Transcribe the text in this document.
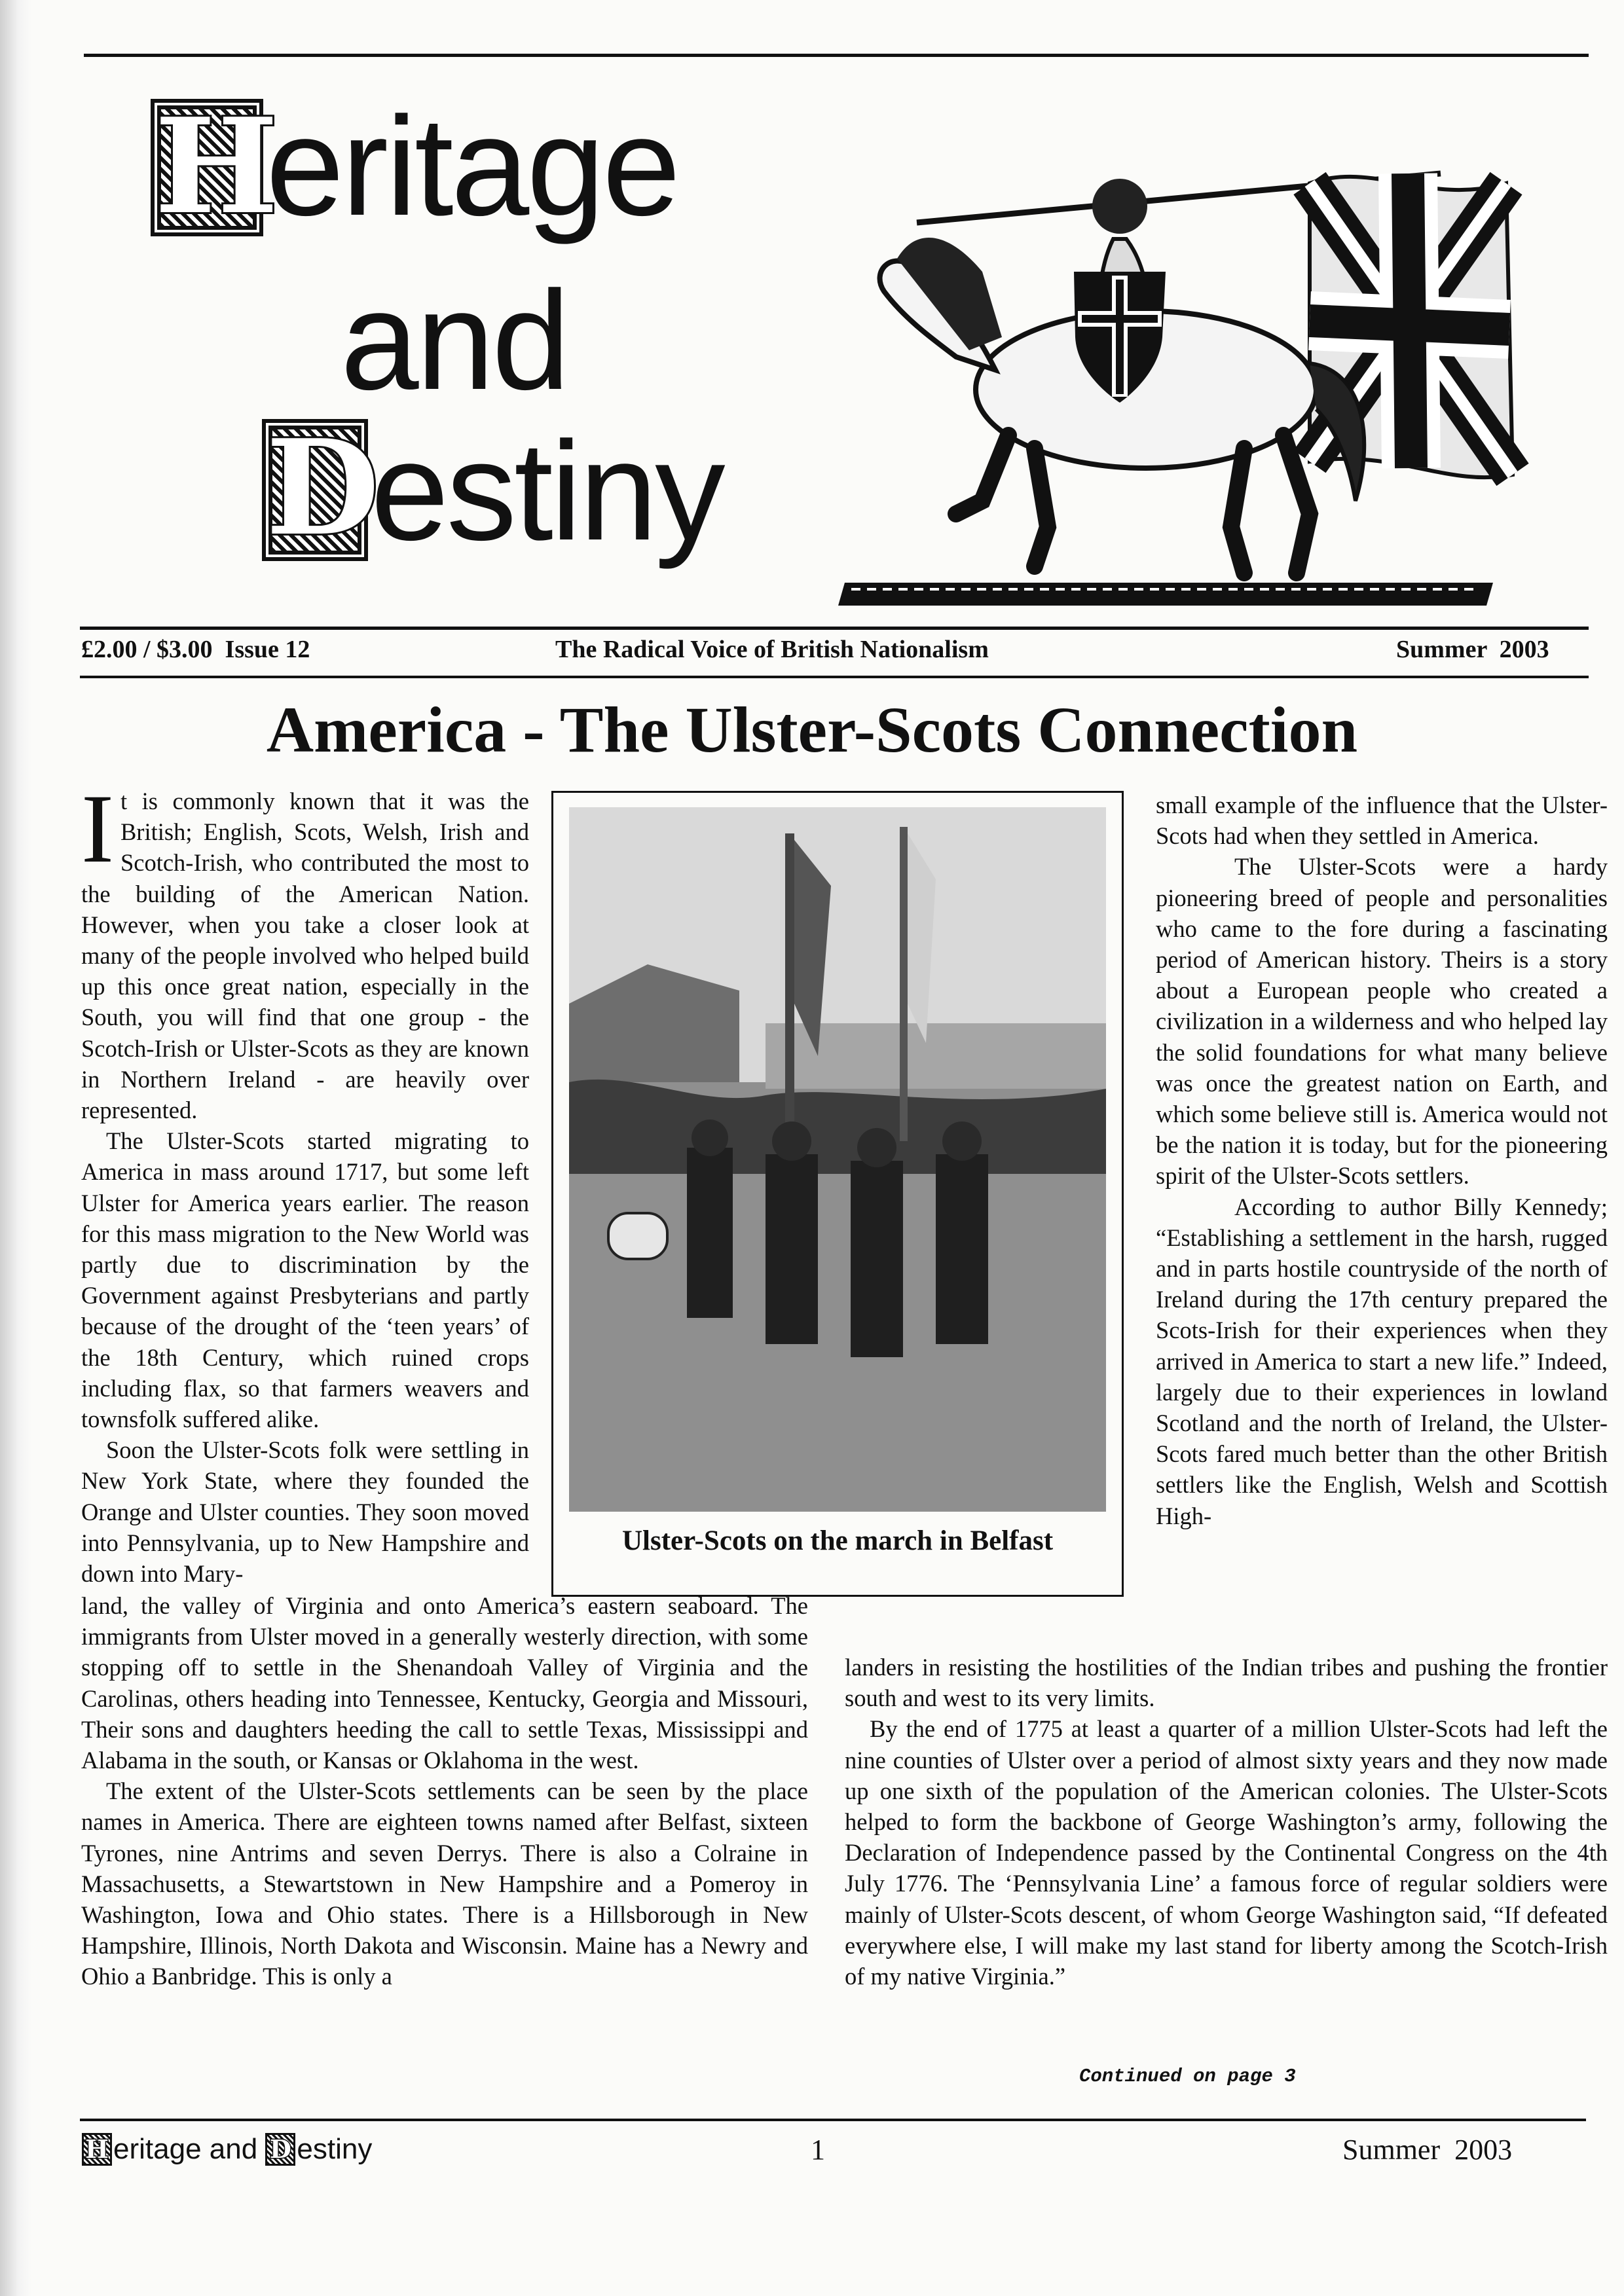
H
eritage
and
D
estiny
£2.00 / $3.00  Issue 12	The Radical Voice of British Nationalism	Summer  2003
America - The Ulster-Scots Connection

It is commonly known that it was the British; English, Scots, Welsh, Irish and Scotch-Irish, who contributed the most to the building of the American Nation. However, when you take a closer look at many of the people involved who helped build up this once great nation, especially in the South, you will find that one group - the Scotch-Irish or Ulster-Scots as they are known in Northern Ireland - are heavily over represented.

The Ulster-Scots started migrating to America in mass around 1717, but some left Ulster for America years earlier. The reason for this mass migration to the New World was partly due to discrimination by the Government against Presbyterians and partly because of the drought of the ‘teen years’ of the 18th Century, which ruined crops including flax, so that farmers weavers and townsfolk suffered alike.

Soon the Ulster-Scots folk were settling in New York State, where they founded the Orange and Ulster counties. They soon moved into Pennsylvania, up to New Hampshire and down into Mary-

Ulster-Scots on the march in Belfast

land, the valley of Virginia and onto America’s eastern seaboard. The immigrants from Ulster moved in a generally westerly direction, with some stopping off to settle in the Shenandoah Valley of Virginia and the Carolinas, others heading into Tennessee, Kentucky, Georgia and Missouri, Their sons and daughters heeding the call to settle Texas, Mississippi and Alabama in the south, or Kansas or Oklahoma in the west.

The extent of the Ulster-Scots settlements can be seen by the place names in America. There are eighteen towns named after Belfast, sixteen Tyrones, nine Antrims and seven Derrys. There is also a Colraine in Massachusetts, a Stewartstown in New Hampshire and a Pomeroy in Washington, Iowa and Ohio states. There is a Hillsborough in New Hampshire, Illinois, North Dakota and Wisconsin. Maine has a Newry and Ohio a Banbridge. This is only a

small example of the influence that the Ulster-Scots had when they settled in America.

The Ulster-Scots were a hardy pioneering breed of people and personalities who came to the fore during a fascinating period of American history. Theirs is a story about a European people who created a civilization in a wilderness and who helped lay the solid foundations for what many believe was once the greatest nation on Earth, and which some believe still is. America would not be the nation it is today, but for the pioneering spirit of the Ulster-Scots settlers.

According to author Billy Kennedy; “Establishing a settlement in the harsh, rugged and in parts hostile countryside of the north of Ireland during the 17th century prepared the Scots-Irish for their experiences when they arrived in America to start a new life.” Indeed, largely due to their experiences in lowland Scotland and the north of Ireland, the Ulster-Scots fared much better than the other British settlers like the English, Welsh and Scottish High-

landers in resisting the hostilities of the Indian tribes and pushing the frontier south and west to its very limits.

By the end of 1775 at least a quarter of a million Ulster-Scots had left the nine counties of Ulster over a period of almost sixty years and they now made up one sixth of the population of the American colonies. The Ulster-Scots helped to form the backbone of George Washington’s army, following the Declaration of Independence passed by the Continental Congress on the 4th July 1776. The ‘Pennsylvania Line’ a famous force of regular soldiers were mainly of Ulster-Scots descent, of whom George Washington said, “If defeated everywhere else, I will make my last stand for liberty among the Scotch-Irish of my native Virginia.”

Continued on page 3
H eritage and D estiny	1	Summer  2003
